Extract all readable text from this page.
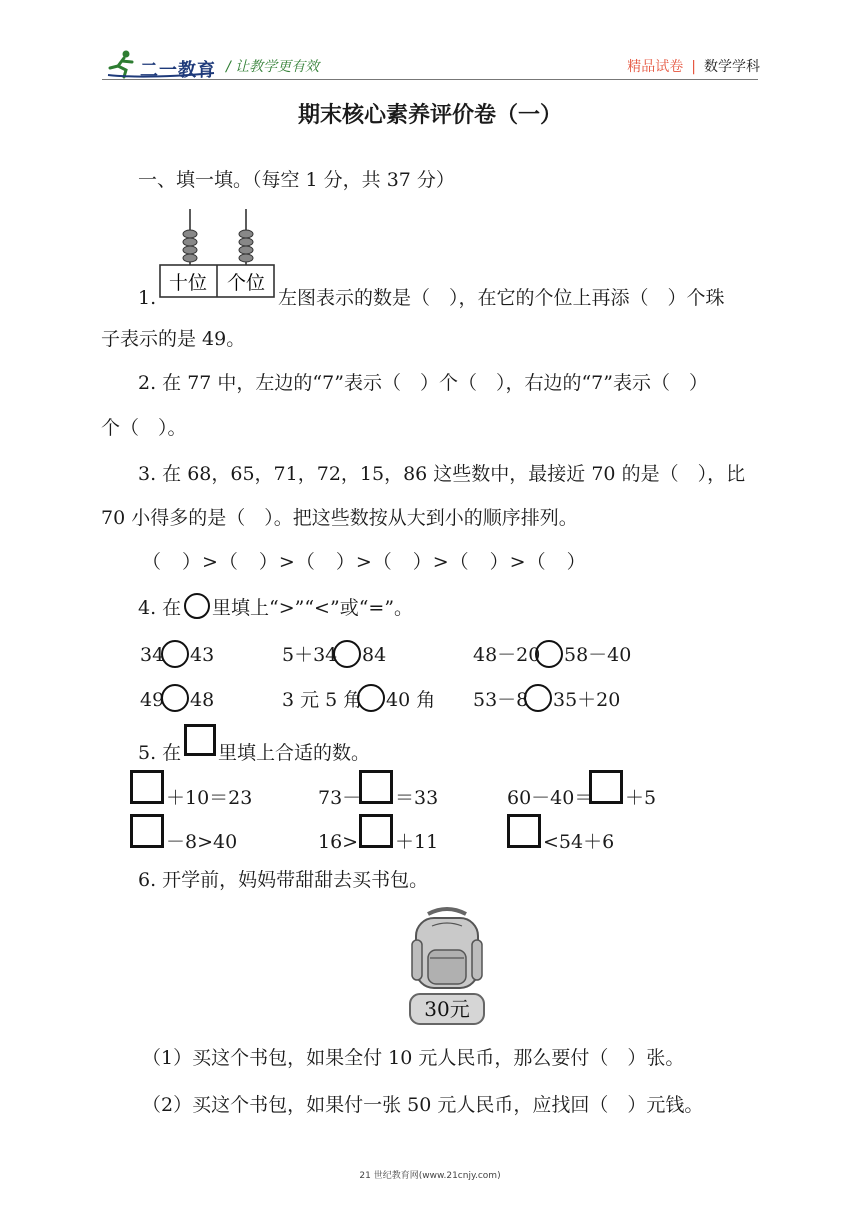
二一教育 / 让教学更有效	精品试卷 | 数学学科
期末核心素养评价卷（一）
一、填一填。（每空 1 分，共 37 分）
十位 个位
1.	左图表示的数是（　），在它的个位上再添（　）个珠
子表示的是 49。
2. 在 77 中，左边的“7”表示（　）个（　），右边的“7”表示（　）
个（　）。
3. 在 68，65，71，72，15，86 这些数中，最接近 70 的是（　），比
70 小得多的是（　）。把这些数按从大到小的顺序排列。
（　）>（　）>（　）>（　）>（　）>（　）
4. 在 里填上“>”“<”或“=”。
34 43	5＋34 84	48－20 58－40
49 48	3 元 5 角 40 角 53－8 35＋20
5. 在 里填上合适的数。
＋10＝23	73－ ＝33	60－40＝ ＋5
－8>40	16> ＋11	<54＋6
6. 开学前，妈妈带甜甜去买书包。
30元
（1）买这个书包，如果全付 10 元人民币，那么要付（　）张。
（2）买这个书包，如果付一张 50 元人民币，应找回（　）元钱。
21 世纪教育网(www.21cnjy.com)
